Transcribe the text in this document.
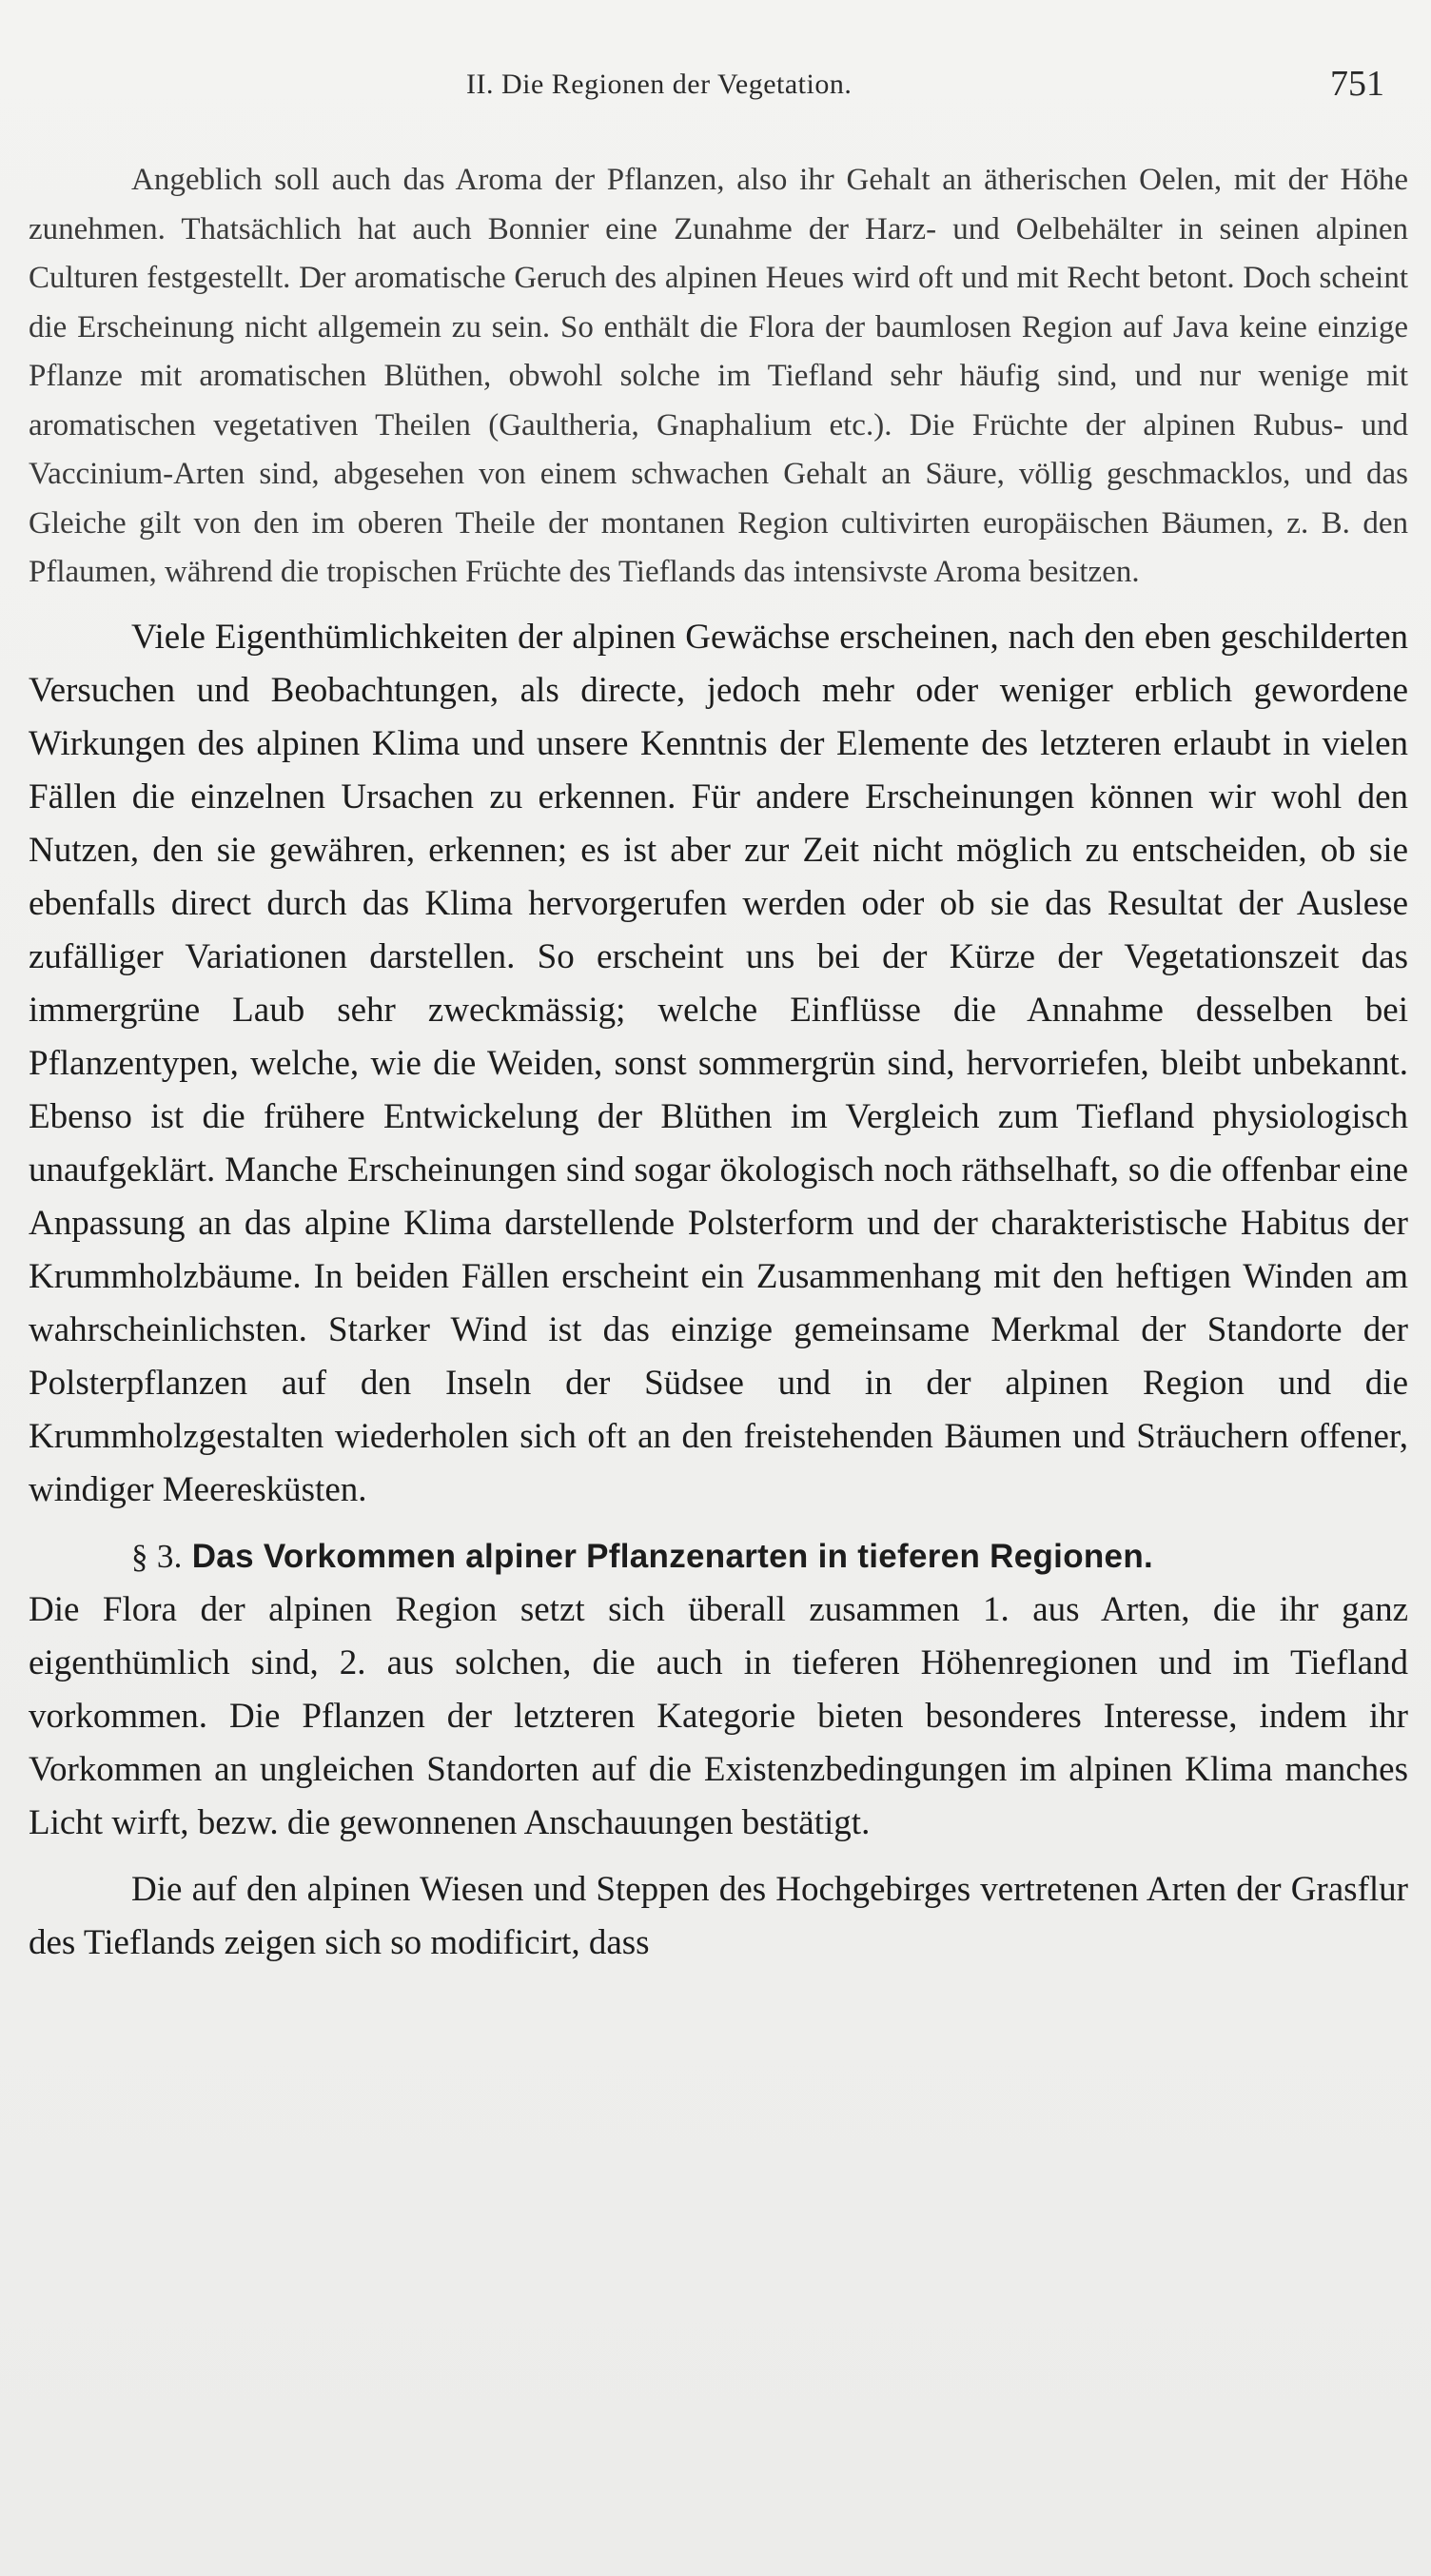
II. Die Regionen der Vegetation.	751

Angeblich soll auch das Aroma der Pflanzen, also ihr Gehalt an ätherischen Oelen, mit der Höhe zunehmen. Thatsächlich hat auch Bonnier eine Zunahme der Harz- und Oelbehälter in seinen alpinen Culturen festgestellt. Der aromatische Geruch des alpinen Heues wird oft und mit Recht betont. Doch scheint die Erscheinung nicht allgemein zu sein. So enthält die Flora der baumlosen Region auf Java keine einzige Pflanze mit aromatischen Blüthen, obwohl solche im Tiefland sehr häufig sind, und nur wenige mit aromatischen vegetativen Theilen (Gaultheria, Gnaphalium etc.). Die Früchte der alpinen Rubus- und Vaccinium-Arten sind, abgesehen von einem schwachen Gehalt an Säure, völlig geschmacklos, und das Gleiche gilt von den im oberen Theile der montanen Region cultivirten europäischen Bäumen, z. B. den Pflaumen, während die tropischen Früchte des Tieflands das intensivste Aroma besitzen.

Viele Eigenthümlichkeiten der alpinen Gewächse erscheinen, nach den eben geschilderten Versuchen und Beobachtungen, als directe, jedoch mehr oder weniger erblich gewordene Wirkungen des alpinen Klima und unsere Kenntnis der Elemente des letzteren erlaubt in vielen Fällen die einzelnen Ursachen zu erkennen. Für andere Erscheinungen können wir wohl den Nutzen, den sie gewähren, erkennen; es ist aber zur Zeit nicht möglich zu entscheiden, ob sie ebenfalls direct durch das Klima hervorgerufen werden oder ob sie das Resultat der Auslese zufälliger Variationen darstellen. So erscheint uns bei der Kürze der Vegetationszeit das immergrüne Laub sehr zweckmässig; welche Einflüsse die Annahme desselben bei Pflanzentypen, welche, wie die Weiden, sonst sommergrün sind, hervorriefen, bleibt unbekannt. Ebenso ist die frühere Entwickelung der Blüthen im Vergleich zum Tiefland physiologisch unaufgeklärt. Manche Erscheinungen sind sogar ökologisch noch räthselhaft, so die offenbar eine Anpassung an das alpine Klima darstellende Polsterform und der charakteristische Habitus der Krummholzbäume. In beiden Fällen erscheint ein Zusammenhang mit den heftigen Winden am wahrscheinlichsten. Starker Wind ist das einzige gemeinsame Merkmal der Standorte der Polsterpflanzen auf den Inseln der Südsee und in der alpinen Region und die Krummholzgestalten wiederholen sich oft an den freistehenden Bäumen und Sträuchern offener, windiger Meeresküsten.

§ 3. Das Vorkommen alpiner Pflanzenarten in tieferen Regionen.

Die Flora der alpinen Region setzt sich überall zusammen 1. aus Arten, die ihr ganz eigenthümlich sind, 2. aus solchen, die auch in tieferen Höhenregionen und im Tiefland vorkommen. Die Pflanzen der letzteren Kategorie bieten besonderes Interesse, indem ihr Vorkommen an ungleichen Standorten auf die Existenzbedingungen im alpinen Klima manches Licht wirft, bezw. die gewonnenen Anschauungen bestätigt.

Die auf den alpinen Wiesen und Steppen des Hochgebirges vertretenen Arten der Grasflur des Tieflands zeigen sich so modificirt, dass
